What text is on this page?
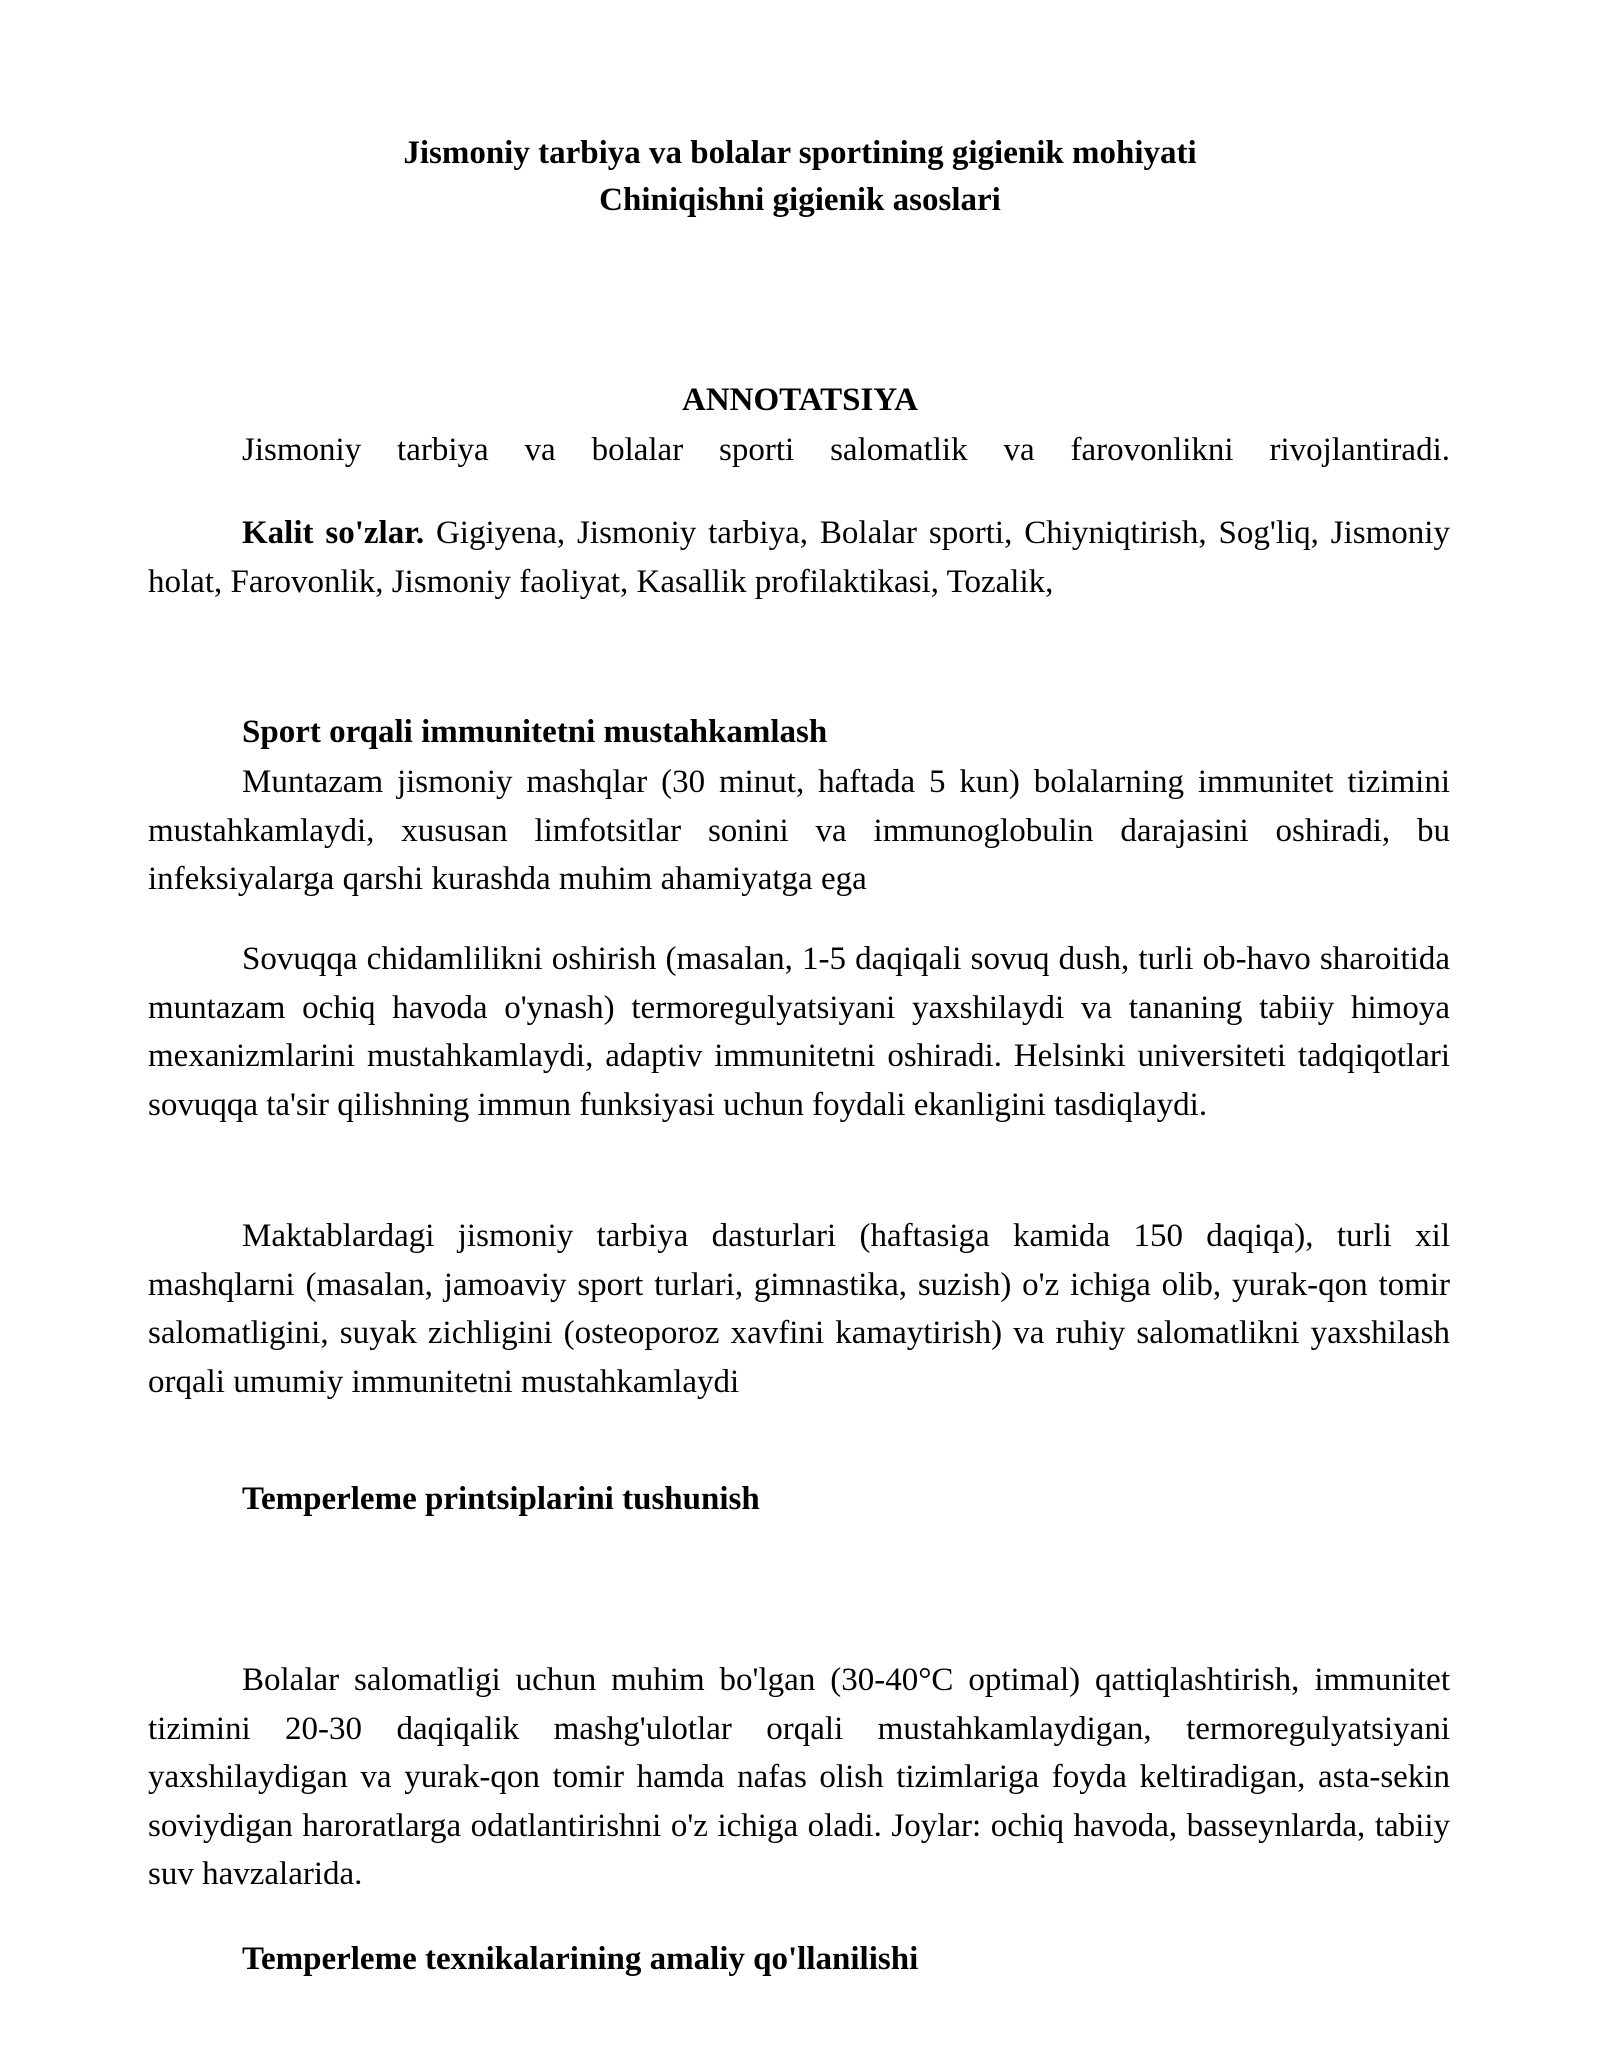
Jismoniy tarbiya va bolalar sportining gigienik mohiyati
Chiniqishni gigienik asoslari
ANNOTATSIYA

Jismoniy tarbiya va bolalar sporti salomatlik va farovonlikni rivojlantiradi.

Kalit so'zlar. Gigiyena, Jismoniy tarbiya, Bolalar sporti, Chiyniqtirish, Sog'liq, Jismoniy holat, Farovonlik, Jismoniy faoliyat, Kasallik profilaktikasi, Tozalik,

Sport orqali immunitetni mustahkamlash

Muntazam jismoniy mashqlar (30 minut, haftada 5 kun) bolalarning immunitet tizimini mustahkamlaydi, xususan limfotsitlar sonini va immunoglobulin darajasini oshiradi, bu infeksiyalarga qarshi kurashda muhim ahamiyatga ega

Sovuqqa chidamlilikni oshirish (masalan, 1-5 daqiqali sovuq dush, turli ob-havo sharoitida muntazam ochiq havoda o'ynash) termoregulyatsiyani yaxshilaydi va tananing tabiiy himoya mexanizmlarini mustahkamlaydi, adaptiv immunitetni oshiradi. Helsinki universiteti tadqiqotlari sovuqqa ta'sir qilishning immun funksiyasi uchun foydali ekanligini tasdiqlaydi.

Maktablardagi jismoniy tarbiya dasturlari (haftasiga kamida 150 daqiqa), turli xil mashqlarni (masalan, jamoaviy sport turlari, gimnastika, suzish) o'z ichiga olib, yurak-qon tomir salomatligini, suyak zichligini (osteoporoz xavfini kamaytirish) va ruhiy salomatlikni yaxshilash orqali umumiy immunitetni mustahkamlaydi

Temperleme printsiplarini tushunish

Bolalar salomatligi uchun muhim bo'lgan (30-40°C optimal) qattiqlashtirish, immunitet tizimini 20-30 daqiqalik mashg'ulotlar orqali mustahkamlaydigan, termoregulyatsiyani yaxshilaydigan va yurak-qon tomir hamda nafas olish tizimlariga foyda keltiradigan, asta-sekin soviydigan haroratlarga odatlantirishni o'z ichiga oladi. Joylar: ochiq havoda, basseynlarda, tabiiy suv havzalarida.

Temperleme texnikalarining amaliy qo'llanilishi
